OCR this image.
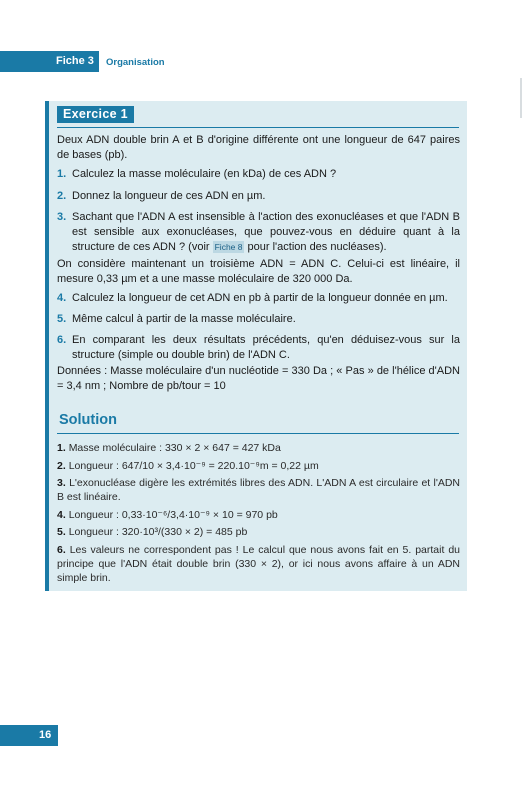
Fiche 3 Organisation
Exercice 1
Deux ADN double brin A et B d'origine différente ont une longueur de 647 paires de bases (pb).
1. Calculez la masse moléculaire (en kDa) de ces ADN ?
2. Donnez la longueur de ces ADN en µm.
3. Sachant que l'ADN A est insensible à l'action des exonucléases et que l'ADN B est sensible aux exonucléases, que pouvez-vous en déduire quant à la structure de ces ADN ? (voir Fiche 8 pour l'action des nucléases).
On considère maintenant un troisième ADN = ADN C. Celui-ci est linéaire, il mesure 0,33 µm et a une masse moléculaire de 320 000 Da.
4. Calculez la longueur de cet ADN en pb à partir de la longueur donnée en µm.
5. Même calcul à partir de la masse moléculaire.
6. En comparant les deux résultats précédents, qu'en déduisez-vous sur la structure (simple ou double brin) de l'ADN C.
Données : Masse moléculaire d'un nucléotide = 330 Da ; « Pas » de l'hélice d'ADN = 3,4 nm ; Nombre de pb/tour = 10
Solution
1. Masse moléculaire : 330 × 2 × 647 = 427 kDa
2. Longueur : 647/10 × 3,4·10⁻⁹ = 220.10⁻⁹m = 0,22 µm
3. L'exonucléase digère les extrémités libres des ADN. L'ADN A est circulaire et l'ADN B est linéaire.
4. Longueur : 0,33·10⁻⁶/3,4·10⁻⁹ × 10 = 970 pb
5. Longueur : 320·10³/(330 × 2) = 485 pb
6. Les valeurs ne correspondent pas ! Le calcul que nous avons fait en 5. partait du principe que l'ADN était double brin (330 × 2), or ici nous avons affaire à un ADN simple brin.
16
